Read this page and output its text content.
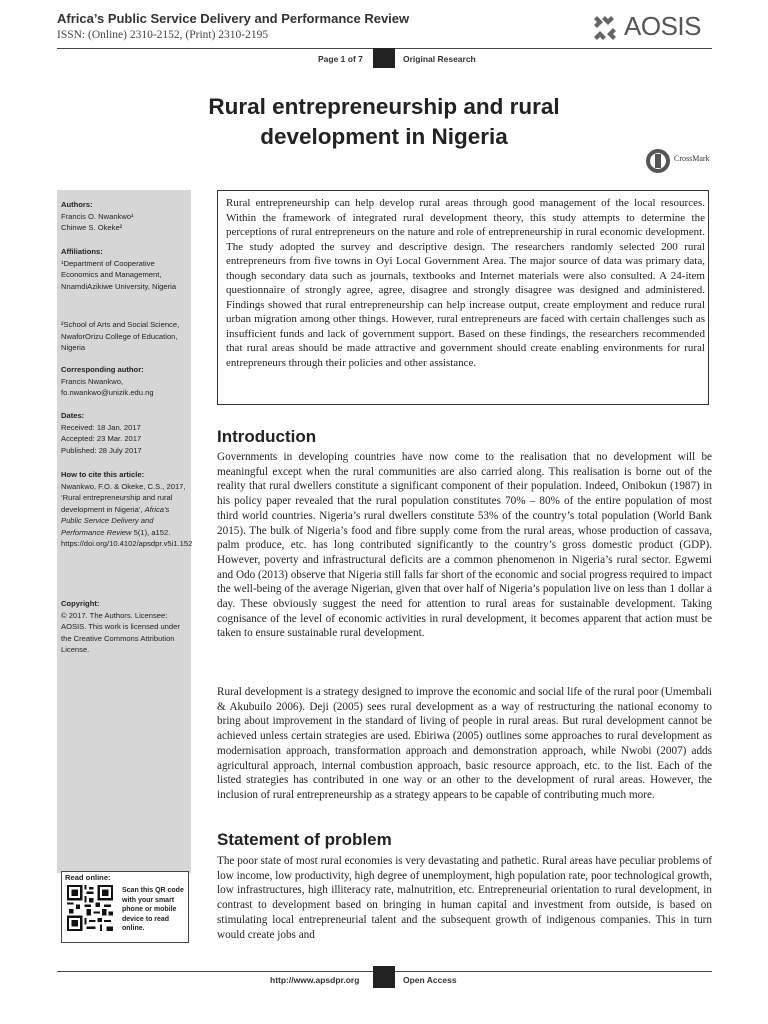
Africa’s Public Service Delivery and Performance Review
ISSN: (Online) 2310-2152, (Print) 2310-2195	AOSIS
Page 1 of 7	Original Research
Rural entrepreneurship and rural development in Nigeria
CrossMark
Authors:
Francis O. Nwankwo¹
Chinwe S. Okeke²
Affiliations:
¹Department of Cooperative Economics and Management, NnamdiAzikiwe University, Nigeria
²School of Arts and Social Science, NwaforOrizu College of Education, Nigeria
Corresponding author:
Francis Nwankwo,
fo.nwankwo@unizik.edu.ng
Dates:
Received: 18 Jan. 2017
Accepted: 23 Mar. 2017
Published: 28 July 2017
How to cite this article:
Nwankwo, F.O. & Okeke, C.S., 2017, ‘Rural entrepreneurship and rural development in Nigeria’, Africa’s Public Service Delivery and Performance Review 5(1), a152. https://doi.org/10.4102/apsdpr.v5i1.152
Copyright:
© 2017. The Authors. Licensee: AOSIS. This work is licensed under the Creative Commons Attribution License.
Read online:
Scan this QR code with your smart phone or mobile device to read online.
Rural entrepreneurship can help develop rural areas through good management of the local resources. Within the framework of integrated rural development theory, this study attempts to determine the perceptions of rural entrepreneurs on the nature and role of entrepreneurship in rural economic development. The study adopted the survey and descriptive design. The researchers randomly selected 200 rural entrepreneurs from five towns in Oyi Local Government Area. The major source of data was primary data, though secondary data such as journals, textbooks and Internet materials were also consulted. A 24-item questionnaire of strongly agree, agree, disagree and strongly disagree was designed and administered. Findings showed that rural entrepreneurship can help increase output, create employment and reduce rural urban migration among other things. However, rural entrepreneurs are faced with certain challenges such as insufficient funds and lack of government support. Based on these findings, the researchers recommended that rural areas should be made attractive and government should create enabling environments for rural entrepreneurs through their policies and other assistance.
Introduction
Governments in developing countries have now come to the realisation that no development will be meaningful except when the rural communities are also carried along. This realisation is borne out of the reality that rural dwellers constitute a significant component of their population. Indeed, Onibokun (1987) in his policy paper revealed that the rural population constitutes 70% – 80% of the entire population of most third world countries. Nigeria’s rural dwellers constitute 53% of the country’s total population (World Bank 2015). The bulk of Nigeria’s food and fibre supply come from the rural areas, whose production of cassava, palm produce, etc. has long contributed significantly to the country’s gross domestic product (GDP). However, poverty and infrastructural deficits are a common phenomenon in Nigeria’s rural sector. Egwemi and Odo (2013) observe that Nigeria still falls far short of the economic and social progress required to impact the well-being of the average Nigerian, given that over half of Nigeria’s population live on less than 1 dollar a day. These obviously suggest the need for attention to rural areas for sustainable development. Taking cognisance of the level of economic activities in rural development, it becomes apparent that action must be taken to ensure sustainable rural development.
Rural development is a strategy designed to improve the economic and social life of the rural poor (Umembali & Akubuilo 2006). Deji (2005) sees rural development as a way of restructuring the national economy to bring about improvement in the standard of living of people in rural areas. But rural development cannot be achieved unless certain strategies are used. Ebiriwa (2005) outlines some approaches to rural development as modernisation approach, transformation approach and demonstration approach, while Nwobi (2007) adds agricultural approach, internal combustion approach, basic resource approach, etc. to the list. Each of the listed strategies has contributed in one way or an other to the development of rural areas. However, the inclusion of rural entrepreneurship as a strategy appears to be capable of contributing much more.
Statement of problem
The poor state of most rural economies is very devastating and pathetic. Rural areas have peculiar problems of low income, low productivity, high degree of unemployment, high population rate, poor technological growth, low infrastructures, high illiteracy rate, malnutrition, etc. Entrepreneurial orientation to rural development, in contrast to development based on bringing in human capital and investment from outside, is based on stimulating local entrepreneurial talent and the subsequent growth of indigenous companies. This in turn would create jobs and
http://www.apsdpr.org	Open Access
